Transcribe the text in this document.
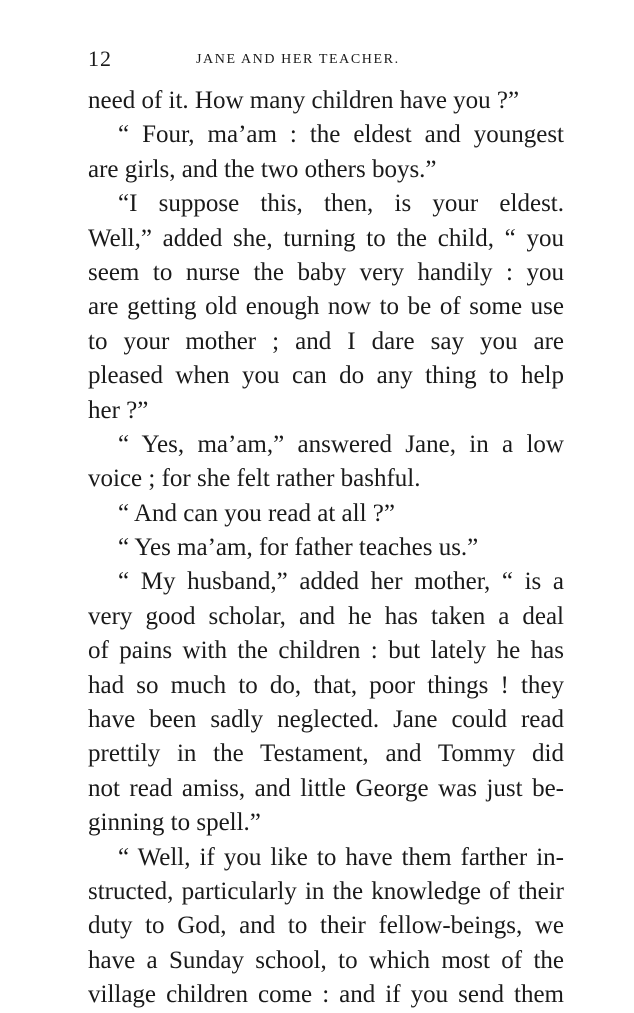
12	JANE AND HER TEACHER.
need of it. How many children have you ?”
“ Four, ma’am : the eldest and youngest
are girls, and the two others boys.”
“I suppose this, then, is your eldest.
Well,” added she, turning to the child, “ you
seem to nurse the baby very handily : you
are getting old enough now to be of some use
to your mother ; and I dare say you are
pleased when you can do any thing to help
her ?”
“ Yes, ma’am,” answered Jane, in a low
voice ; for she felt rather bashful.
“ And can you read at all ?”
“ Yes ma’am, for father teaches us.”
“ My husband,” added her mother, “ is a
very good scholar, and he has taken a deal
of pains with the children : but lately he has
had so much to do, that, poor things ! they
have been sadly neglected. Jane could read
prettily in the Testament, and Tommy did
not read amiss, and little George was just be-
ginning to spell.”
“ Well, if you like to have them farther in-
structed, particularly in the knowledge of their
duty to God, and to their fellow-beings, we
have a Sunday school, to which most of the
village children come : and if you send them
